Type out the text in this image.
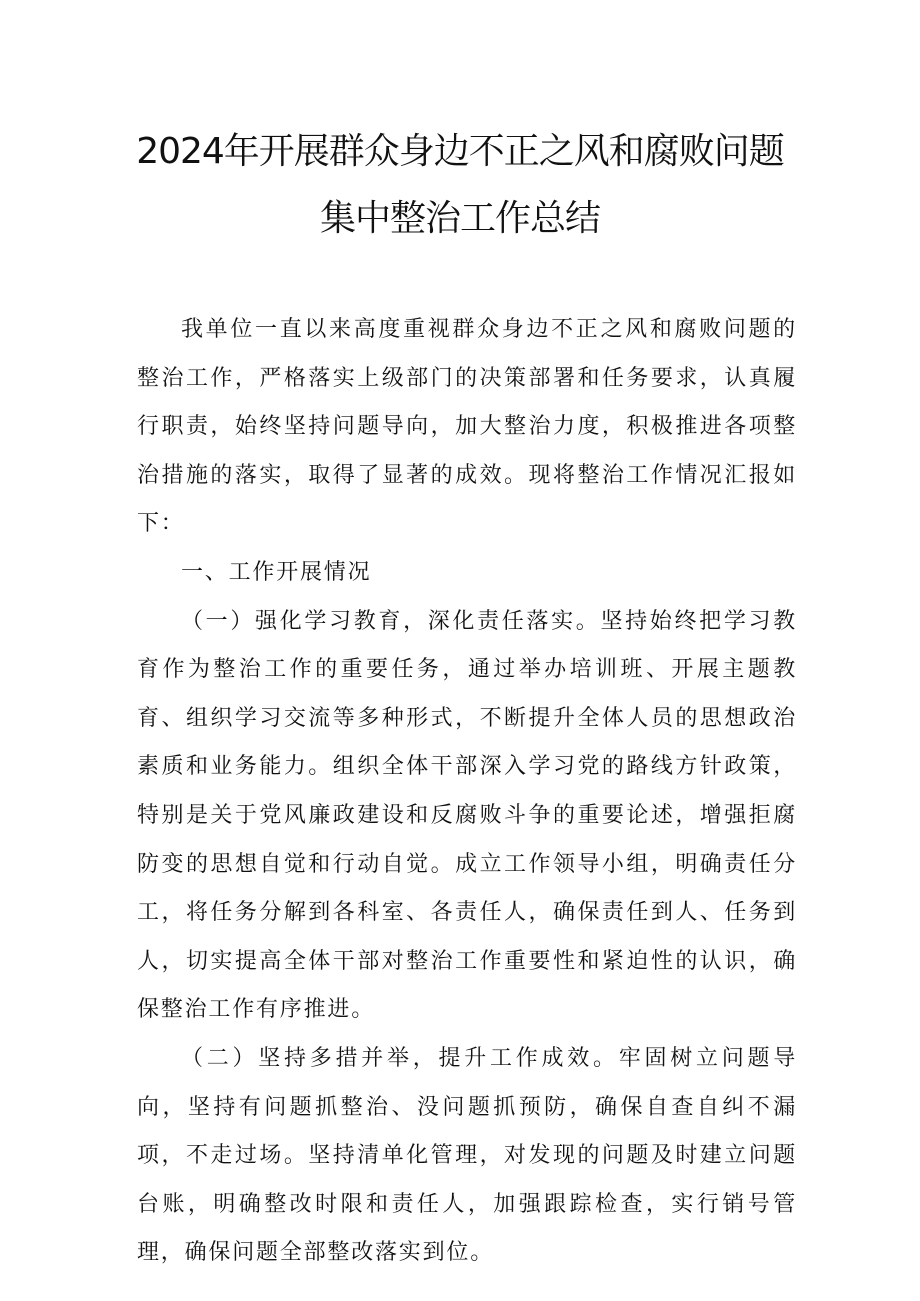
2024年开展群众身边不正之风和腐败问题
集中整治工作总结

我单位一直以来高度重视群众身边不正之风和腐败问题的整治工作，严格落实上级部门的决策部署和任务要求，认真履行职责，始终坚持问题导向，加大整治力度，积极推进各项整治措施的落实，取得了显著的成效。现将整治工作情况汇报如下：

一、工作开展情况

（一）强化学习教育，深化责任落实。坚持始终把学习教育作为整治工作的重要任务，通过举办培训班、开展主题教育、组织学习交流等多种形式，不断提升全体人员的思想政治素质和业务能力。组织全体干部深入学习党的路线方针政策，特别是关于党风廉政建设和反腐败斗争的重要论述，增强拒腐防变的思想自觉和行动自觉。成立工作领导小组，明确责任分工，将任务分解到各科室、各责任人，确保责任到人、任务到人，切实提高全体干部对整治工作重要性和紧迫性的认识，确保整治工作有序推进。

（二）坚持多措并举，提升工作成效。牢固树立问题导向，坚持有问题抓整治、没问题抓预防，确保自查自纠不漏项，不走过场。坚持清单化管理，对发现的问题及时建立问题台账，明确整改时限和责任人，加强跟踪检查，实行销号管理，确保问题全部整改落实到位。
